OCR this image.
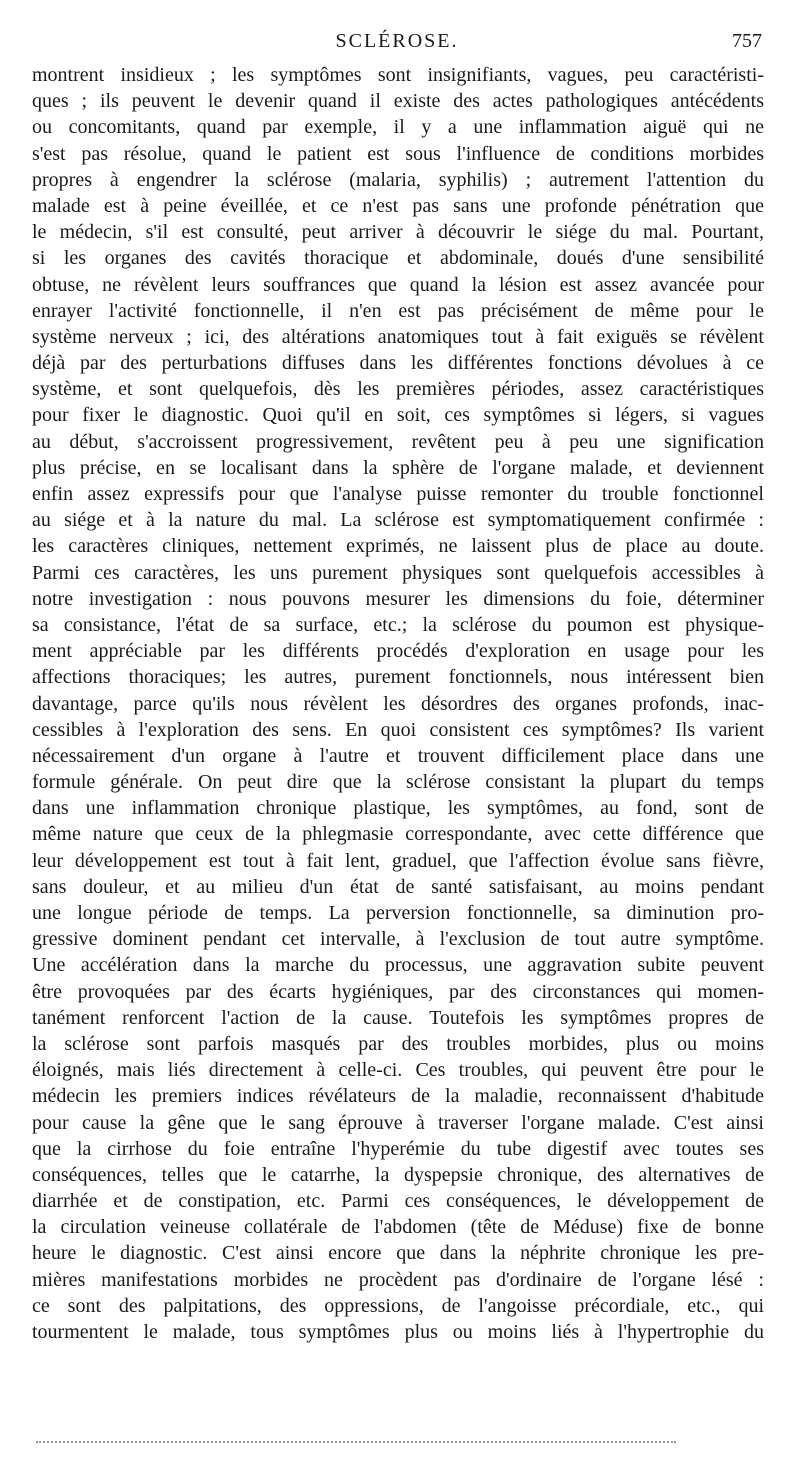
SCLÉROSE.	757
montrent insidieux ; les symptômes sont insignifiants, vagues, peu caractéristi-
ques ; ils peuvent le devenir quand il existe des actes pathologiques antécédents
ou concomitants, quand par exemple, il y a une inflammation aiguë qui ne
s'est pas résolue, quand le patient est sous l'influence de conditions morbides
propres à engendrer la sclérose (malaria, syphilis) ; autrement l'attention du
malade est à peine éveillée, et ce n'est pas sans une profonde pénétration que
le médecin, s'il est consulté, peut arriver à découvrir le siége du mal. Pourtant,
si les organes des cavités thoracique et abdominale, doués d'une sensibilité
obtuse, ne révèlent leurs souffrances que quand la lésion est assez avancée pour
enrayer l'activité fonctionnelle, il n'en est pas précisément de même pour le
système nerveux ; ici, des altérations anatomiques tout à fait exiguës se révèlent
déjà par des perturbations diffuses dans les différentes fonctions dévolues à ce
système, et sont quelquefois, dès les premières périodes, assez caractéristiques
pour fixer le diagnostic. Quoi qu'il en soit, ces symptômes si légers, si vagues
au début, s'accroissent progressivement, revêtent peu à peu une signification
plus précise, en se localisant dans la sphère de l'organe malade, et deviennent
enfin assez expressifs pour que l'analyse puisse remonter du trouble fonctionnel
au siége et à la nature du mal. La sclérose est symptomatiquement confirmée :
les caractères cliniques, nettement exprimés, ne laissent plus de place au doute.
Parmi ces caractères, les uns purement physiques sont quelquefois accessibles à
notre investigation : nous pouvons mesurer les dimensions du foie, déterminer
sa consistance, l'état de sa surface, etc.; la sclérose du poumon est physique-
ment appréciable par les différents procédés d'exploration en usage pour les
affections thoraciques; les autres, purement fonctionnels, nous intéressent bien
davantage, parce qu'ils nous révèlent les désordres des organes profonds, inac-
cessibles à l'exploration des sens. En quoi consistent ces symptômes? Ils varient
nécessairement d'un organe à l'autre et trouvent difficilement place dans une
formule générale. On peut dire que la sclérose consistant la plupart du temps
dans une inflammation chronique plastique, les symptômes, au fond, sont de
même nature que ceux de la phlegmasie correspondante, avec cette différence que
leur développement est tout à fait lent, graduel, que l'affection évolue sans fièvre,
sans douleur, et au milieu d'un état de santé satisfaisant, au moins pendant
une longue période de temps. La perversion fonctionnelle, sa diminution pro-
gressive dominent pendant cet intervalle, à l'exclusion de tout autre symptôme.
Une accélération dans la marche du processus, une aggravation subite peuvent
être provoquées par des écarts hygiéniques, par des circonstances qui momen-
tanément renforcent l'action de la cause. Toutefois les symptômes propres de
la sclérose sont parfois masqués par des troubles morbides, plus ou moins
éloignés, mais liés directement à celle-ci. Ces troubles, qui peuvent être pour le
médecin les premiers indices révélateurs de la maladie, reconnaissent d'habitude
pour cause la gêne que le sang éprouve à traverser l'organe malade. C'est ainsi
que la cirrhose du foie entraîne l'hyperémie du tube digestif avec toutes ses
conséquences, telles que le catarrhe, la dyspepsie chronique, des alternatives de
diarrhée et de constipation, etc. Parmi ces conséquences, le développement de
la circulation veineuse collatérale de l'abdomen (tête de Méduse) fixe de bonne
heure le diagnostic. C'est ainsi encore que dans la néphrite chronique les pre-
mières manifestations morbides ne procèdent pas d'ordinaire de l'organe lésé :
ce sont des palpitations, des oppressions, de l'angoisse précordiale, etc., qui
tourmentent le malade, tous symptômes plus ou moins liés à l'hypertrophie du
